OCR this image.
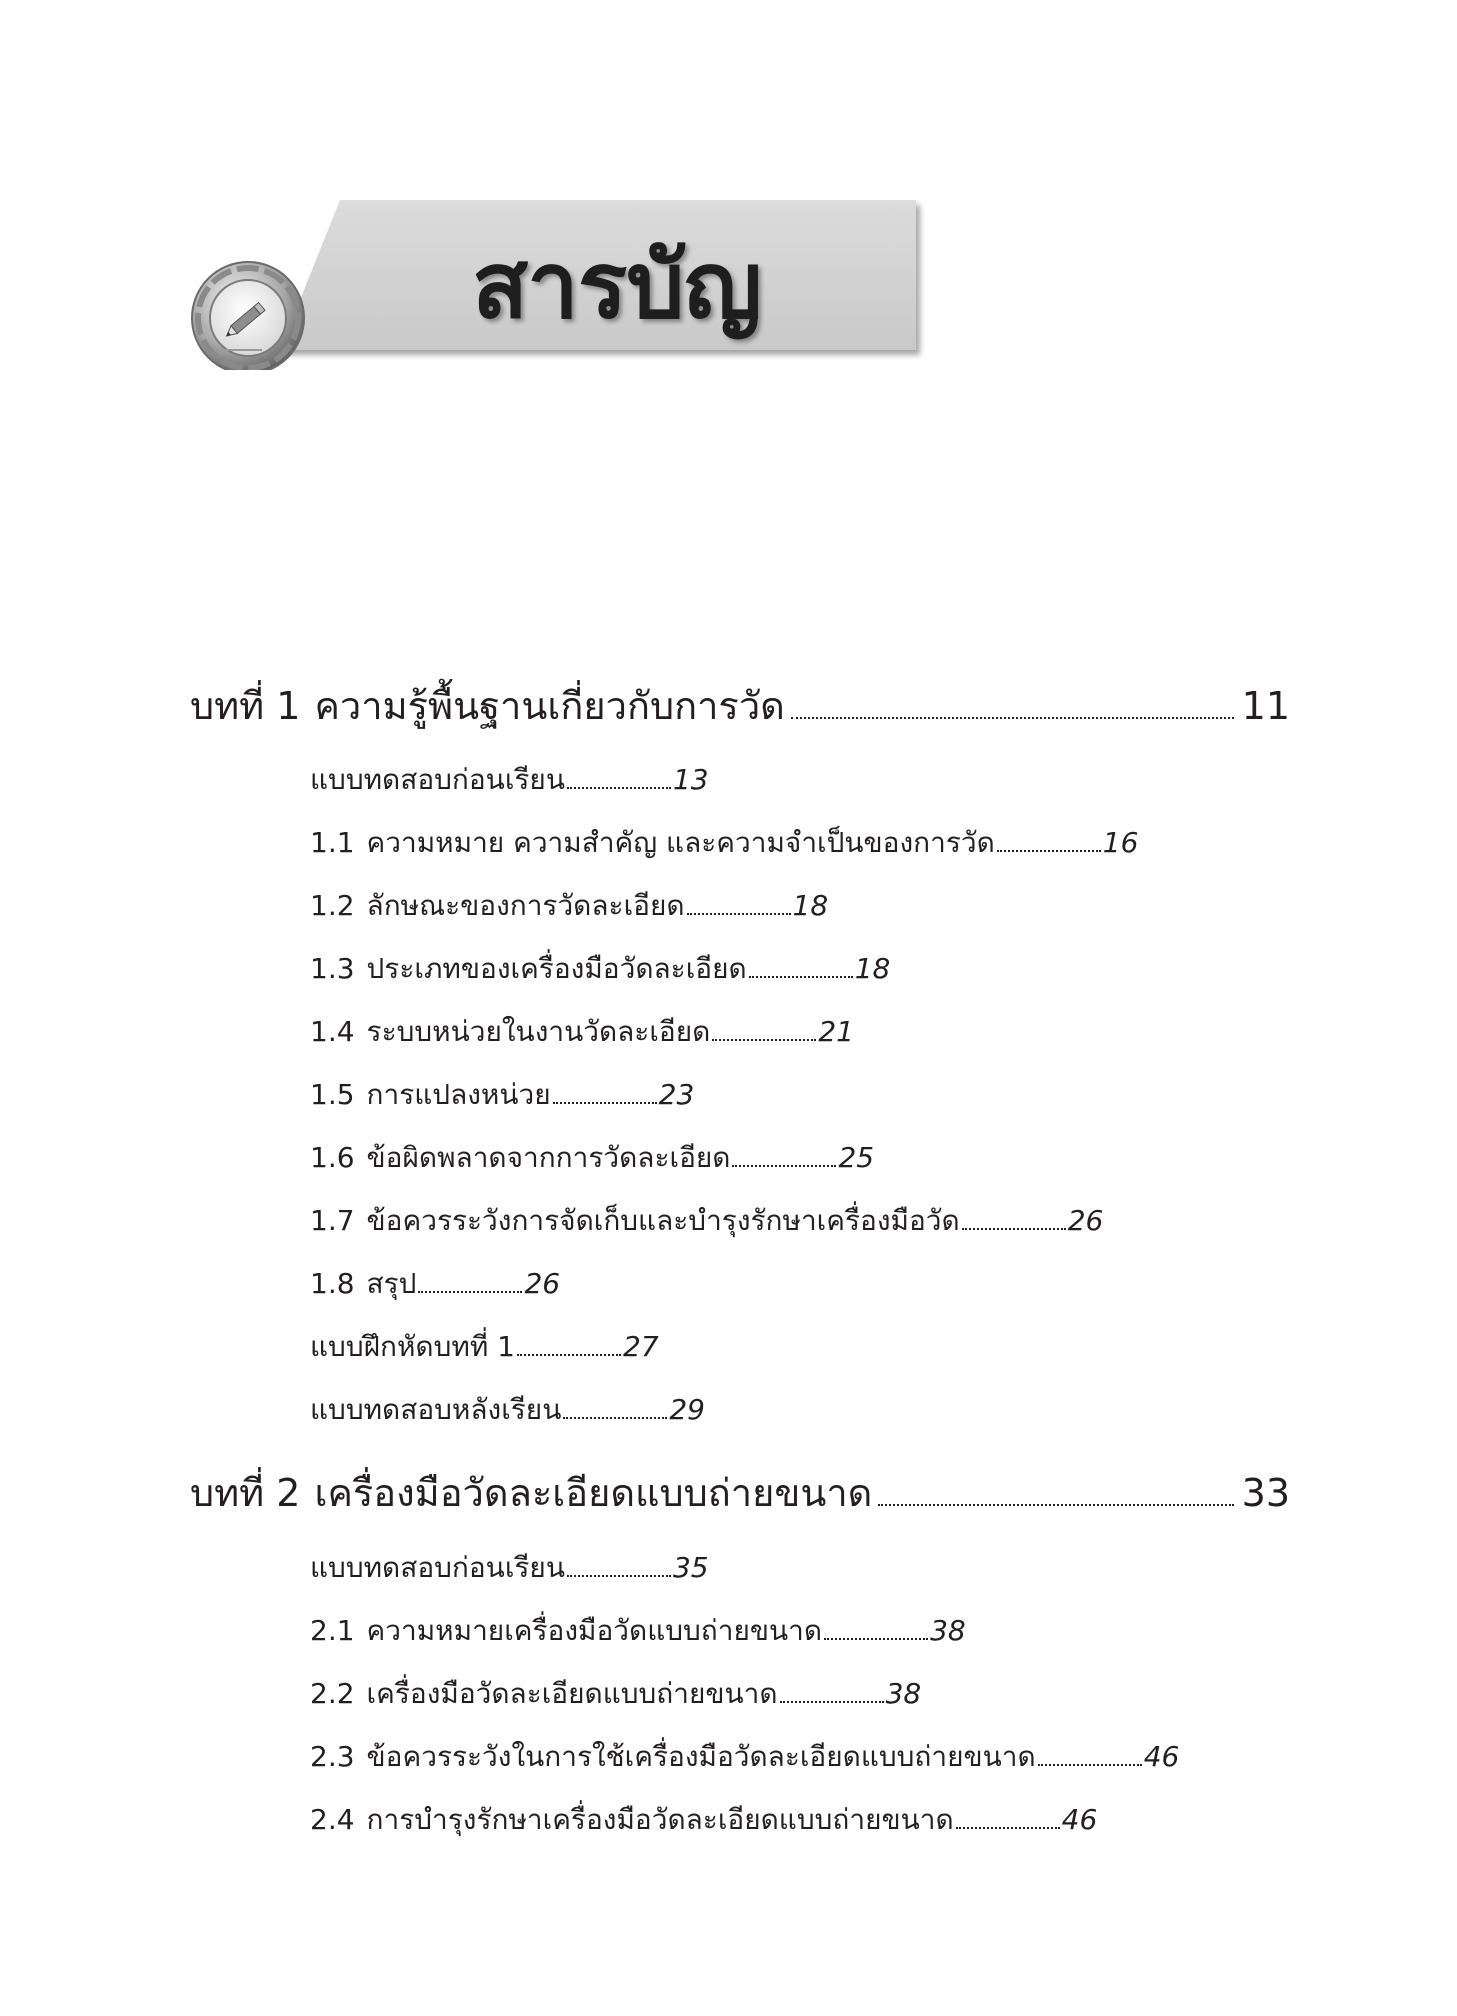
สารบัญ
บทที่ 1 ความรู้พื้นฐานเกี่ยวกับการวัด	11
แบบทดสอบก่อนเรียน	13
1.1 ความหมาย ความสำคัญ และความจำเป็นของการวัด	16
1.2 ลักษณะของการวัดละเอียด	18
1.3 ประเภทของเครื่องมือวัดละเอียด	18
1.4 ระบบหน่วยในงานวัดละเอียด	21
1.5 การแปลงหน่วย	23
1.6 ข้อผิดพลาดจากการวัดละเอียด	25
1.7 ข้อควรระวังการจัดเก็บและบำรุงรักษาเครื่องมือวัด	26
1.8 สรุป	26
แบบฝึกหัดบทที่ 1	27
แบบทดสอบหลังเรียน	29
บทที่ 2 เครื่องมือวัดละเอียดแบบถ่ายขนาด	33
แบบทดสอบก่อนเรียน	35
2.1 ความหมายเครื่องมือวัดแบบถ่ายขนาด	38
2.2 เครื่องมือวัดละเอียดแบบถ่ายขนาด	38
2.3 ข้อควรระวังในการใช้เครื่องมือวัดละเอียดแบบถ่ายขนาด	46
2.4 การบำรุงรักษาเครื่องมือวัดละเอียดแบบถ่ายขนาด	46
